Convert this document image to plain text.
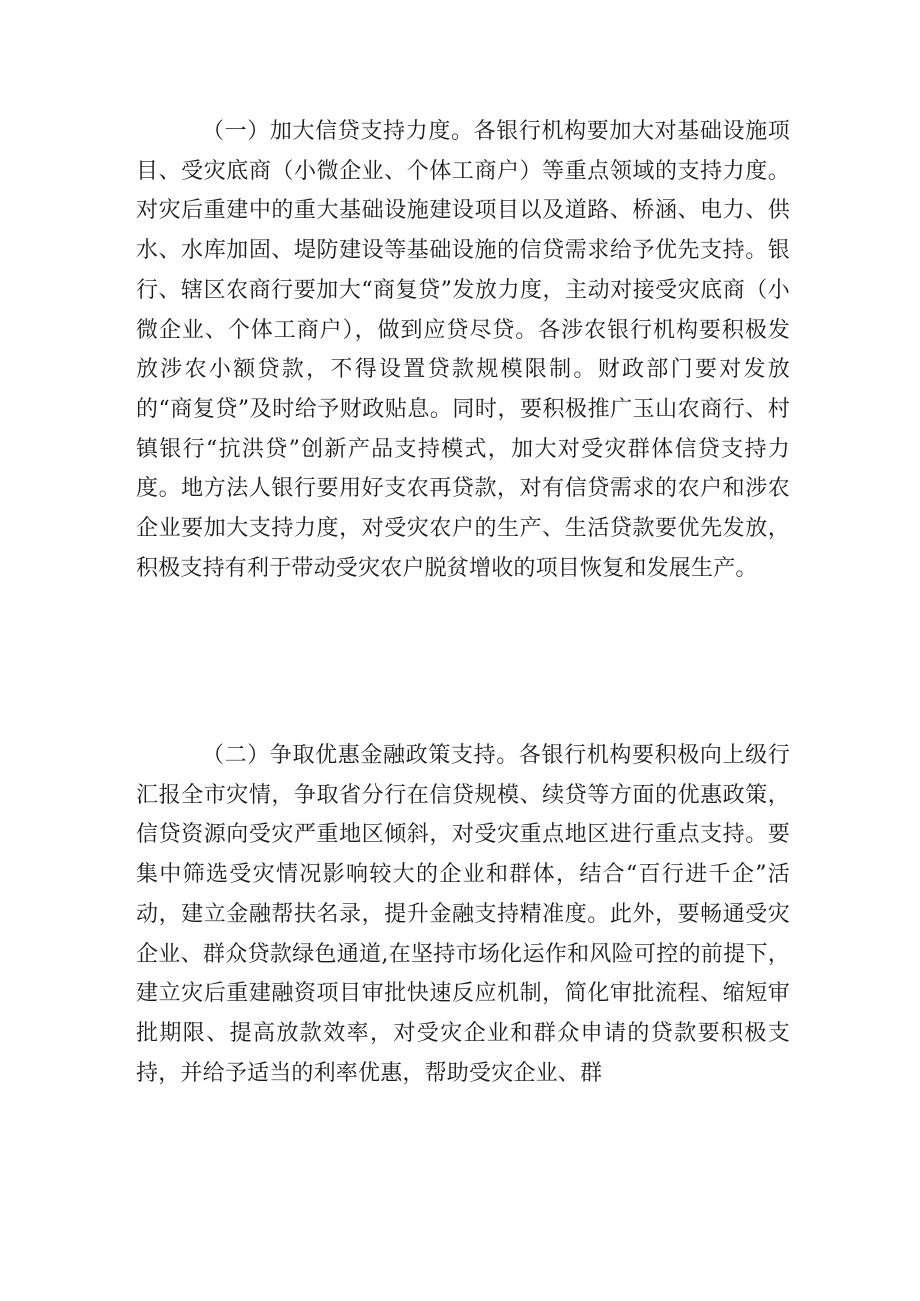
（一）加大信贷支持力度。各银行机构要加大对基础设施项目、受灾底商（小微企业、个体工商户）等重点领域的支持力度。对灾后重建中的重大基础设施建设项目以及道路、桥涵、电力、供水、水库加固、堤防建设等基础设施的信贷需求给予优先支持。银行、辖区农商行要加大“商复贷”发放力度，主动对接受灾底商（小微企业、个体工商户），做到应贷尽贷。各涉农银行机构要积极发放涉农小额贷款，不得设置贷款规模限制。财政部门要对发放的“商复贷”及时给予财政贴息。同时，要积极推广玉山农商行、村镇银行“抗洪贷”创新产品支持模式，加大对受灾群体信贷支持力度。地方法人银行要用好支农再贷款，对有信贷需求的农户和涉农企业要加大支持力度，对受灾农户的生产、生活贷款要优先发放，积极支持有利于带动受灾农户脱贫增收的项目恢复和发展生产。

（二）争取优惠金融政策支持。各银行机构要积极向上级行汇报全市灾情，争取省分行在信贷规模、续贷等方面的优惠政策，信贷资源向受灾严重地区倾斜，对受灾重点地区进行重点支持。要集中筛选受灾情况影响较大的企业和群体，结合“百行进千企”活动，建立金融帮扶名录，提升金融支持精准度。此外，要畅通受灾企业、群众贷款绿色通道,在坚持市场化运作和风险可控的前提下，建立灾后重建融资项目审批快速反应机制，简化审批流程、缩短审批期限、提高放款效率，对受灾企业和群众申请的贷款要积极支持，并给予适当的利率优惠，帮助受灾企业、群
